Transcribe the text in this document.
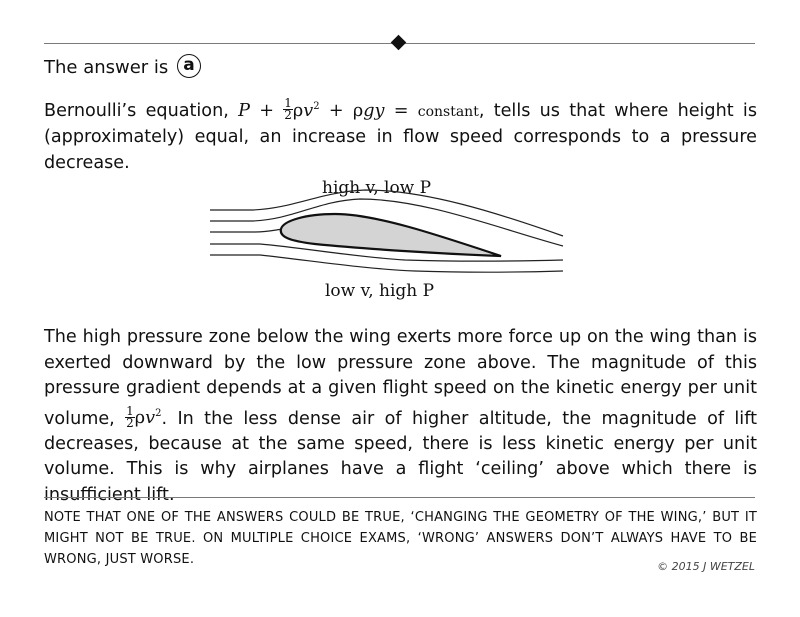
The answer is a
Bernoulli’s equation, $P + \frac{1}{2} \rho v^2 + \rho gy$ = constant, tells us that where height is (approximately) equal, an increase in flow speed corresponds to a pressure decrease.
high v, low P
low v, high P
The high pressure zone below the wing exerts more force up on the wing than is exerted downward by the low pressure zone above. The magnitude of this pressure gradient depends at a given flight speed on the kinetic energy per unit volume, $\frac{1}{2} \rho v^2$. In the less dense air of higher altitude, the magnitude of lift decreases, because at the same speed, there is less kinetic energy per unit volume. This is why airplanes have a flight ‘ceiling’ above which there is insufficient lift.
NOTE THAT ONE OF THE ANSWERS COULD BE TRUE, ‘CHANGING THE GEOMETRY OF THE WING,’ BUT IT MIGHT NOT BE TRUE. ON MULTIPLE CHOICE EXAMS, ‘WRONG’ ANSWERS DON’T ALWAYS HAVE TO BE WRONG, JUST WORSE.	© 2015 J WETZEL
